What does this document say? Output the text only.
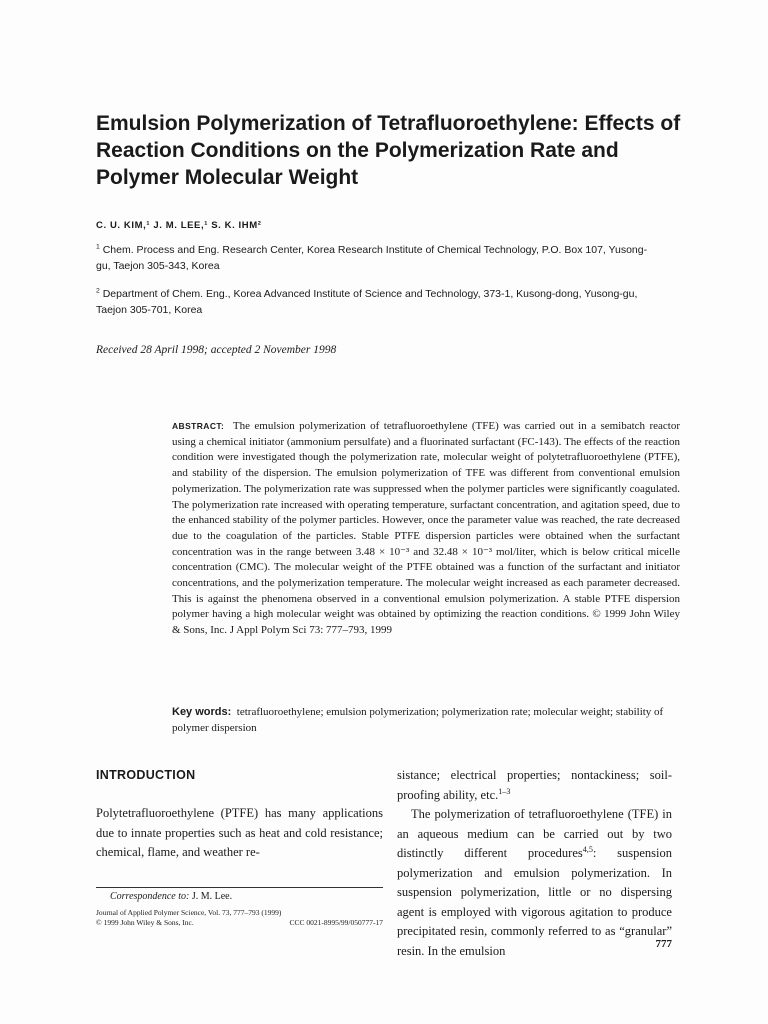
Emulsion Polymerization of Tetrafluoroethylene: Effects of Reaction Conditions on the Polymerization Rate and Polymer Molecular Weight
C. U. KIM,¹ J. M. LEE,¹ S. K. IHM²
$^1$ Chem. Process and Eng. Research Center, Korea Research Institute of Chemical Technology, P.O. Box 107, Yusong-gu, Taejon 305-343, Korea
$^2$ Department of Chem. Eng., Korea Advanced Institute of Science and Technology, 373-1, Kusong-dong, Yusong-gu, Taejon 305-701, Korea
Received 28 April 1998; accepted 2 November 1998

ABSTRACT: The emulsion polymerization of tetrafluoroethylene (TFE) was carried out in a semibatch reactor using a chemical initiator (ammonium persulfate) and a fluorinated surfactant (FC-143). The effects of the reaction condition were investigated though the polymerization rate, molecular weight of polytetrafluoroethylene (PTFE), and stability of the dispersion. The emulsion polymerization of TFE was different from conventional emulsion polymerization. The polymerization rate was suppressed when the polymer particles were significantly coagulated. The polymerization rate increased with operating temperature, surfactant concentration, and agitation speed, due to the enhanced stability of the polymer particles. However, once the parameter value was reached, the rate decreased due to the coagulation of the particles. Stable PTFE dispersion particles were obtained when the surfactant concentration was in the range between 3.48 × 10⁻³ and 32.48 × 10⁻³ mol/liter, which is below critical micelle concentration (CMC). The molecular weight of the PTFE obtained was a function of the surfactant and initiator concentrations, and the polymerization temperature. The molecular weight increased as each parameter decreased. This is against the phenomena observed in a conventional emulsion polymerization. A stable PTFE dispersion polymer having a high molecular weight was obtained by optimizing the reaction conditions. © 1999 John Wiley & Sons, Inc. J Appl Polym Sci 73: 777–793, 1999

Key words: tetrafluoroethylene; emulsion polymerization; polymerization rate; molecular weight; stability of polymer dispersion

INTRODUCTION

Polytetrafluoroethylene (PTFE) has many applications due to innate properties such as heat and cold resistance; chemical, flame, and weather re-

Correspondence to: J. M. Lee.
Journal of Applied Polymer Science, Vol. 73, 777–793 (1999)
© 1999 John Wiley & Sons, Inc.	CCC 0021-8995/99/050777-17
sistance; electrical properties; nontackiness; soil-proofing ability, etc.$^{1-3}$
The polymerization of tetrafluoroethylene (TFE) in an aqueous medium can be carried out by two distinctly different procedures$^{4,5}$: suspension polymerization and emulsion polymerization. In suspension polymerization, little or no dispersing agent is employed with vigorous agitation to produce precipitated resin, commonly referred to as “granular” resin. In the emulsion	777
